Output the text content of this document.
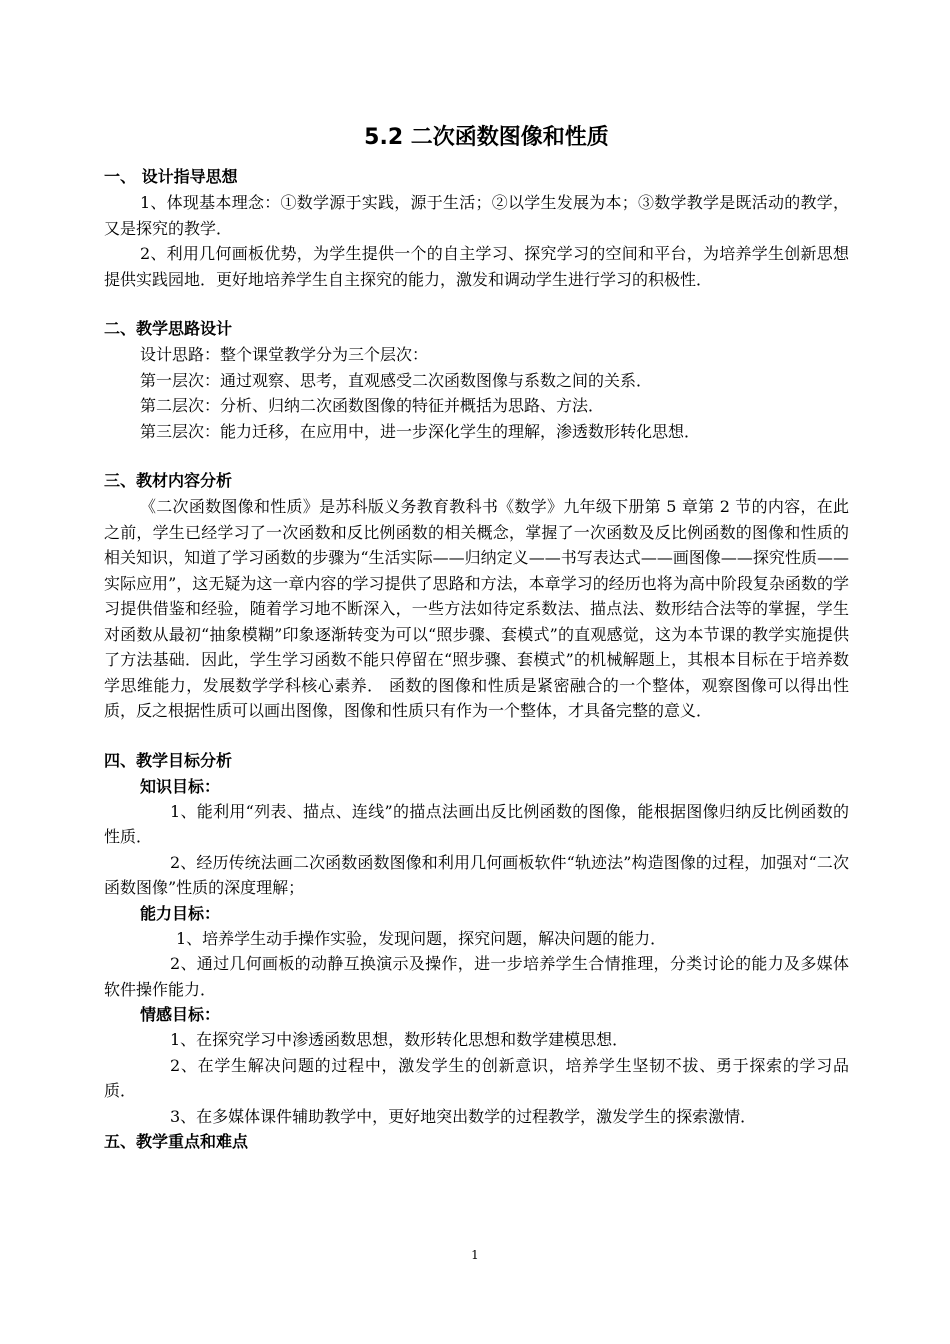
5.2 二次函数图像和性质
一、 设计指导思想

1、体现基本理念：①数学源于实践，源于生活；②以学生发展为本；③数学教学是既活动的教学，又是探究的教学．

2、利用几何画板优势，为学生提供一个的自主学习、探究学习的空间和平台，为培养学生创新思想提供实践园地．更好地培养学生自主探究的能力，激发和调动学生进行学习的积极性．

二、教学思路设计

设计思路：整个课堂教学分为三个层次：

第一层次：通过观察、思考，直观感受二次函数图像与系数之间的关系．

第二层次：分析、归纳二次函数图像的特征并概括为思路、方法．

第三层次：能力迁移，在应用中，进一步深化学生的理解，渗透数形转化思想．

三、教材内容分析

《二次函数图像和性质》是苏科版义务教育教科书《数学》九年级下册第 5 章第 2 节的内容，在此之前，学生已经学习了一次函数和反比例函数的相关概念，掌握了一次函数及反比例函数的图像和性质的相关知识，知道了学习函数的步骤为“生活实际——归纳定义——书写表达式——画图像——探究性质——实际应用”，这无疑为这一章内容的学习提供了思路和方法，本章学习的经历也将为高中阶段复杂函数的学习提供借鉴和经验，随着学习地不断深入，一些方法如待定系数法、描点法、数形结合法等的掌握，学生对函数从最初“抽象模糊”印象逐渐转变为可以“照步骤、套模式”的直观感觉，这为本节课的教学实施提供了方法基础．因此，学生学习函数不能只停留在“照步骤、套模式”的机械解题上，其根本目标在于培养数学思维能力，发展数学学科核心素养． 函数的图像和性质是紧密融合的一个整体，观察图像可以得出性质，反之根据性质可以画出图像，图像和性质只有作为一个整体，才具备完整的意义．

四、教学目标分析
知识目标：

1、能利用“列表、描点、连线”的描点法画出反比例函数的图像，能根据图像归纳反比例函数的性质．

2、经历传统法画二次函数函数图像和利用几何画板软件“轨迹法”构造图像的过程，加强对“二次函数图像”性质的深度理解；

能力目标：

1、培养学生动手操作实验，发现问题，探究问题，解决问题的能力．

2、通过几何画板的动静互换演示及操作，进一步培养学生合情推理，分类讨论的能力及多媒体软件操作能力．

情感目标：

1、在探究学习中渗透函数思想，数形转化思想和数学建模思想．

2、在学生解决问题的过程中，激发学生的创新意识，培养学生坚韧不拔、勇于探索的学习品质．

3、在多媒体课件辅助教学中，更好地突出数学的过程教学，激发学生的探索激情．

五、教学重点和难点
1
